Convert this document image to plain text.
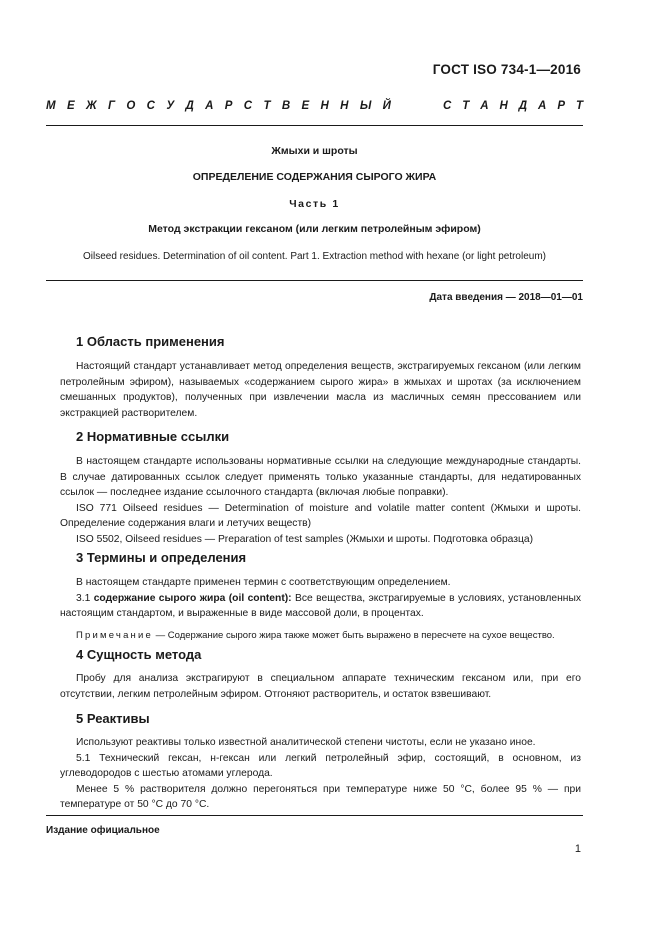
ГОСТ ISO 734-1—2016
М Е Ж Г О С У Д А Р С Т В Е Н Н Ы Й	С Т А Н Д А Р Т
Жмыхи и шроты
ОПРЕДЕЛЕНИЕ СОДЕРЖАНИЯ СЫРОГО ЖИРА
Часть 1
Метод экстракции гексаном (или легким петролейным эфиром)
Oilseed residues. Determination of oil content. Part 1. Extraction method with hexane (or light petroleum)
Дата введения — 2018—01—01
1 Область применения

Настоящий стандарт устанавливает метод определения веществ, экстрагируемых гексаном (или легким петролейным эфиром), называемых «содержанием сырого жира» в жмыхах и шротах (за исключением смешанных продуктов), полученных при извлечении масла из масличных семян прессованием или экстракцией растворителем.

2 Нормативные ссылки

В настоящем стандарте использованы нормативные ссылки на следующие международные стандарты. В случае датированных ссылок следует применять только указанные стандарты, для недатированных ссылок — последнее издание ссылочного стандарта (включая любые поправки).

ISO 771 Oilseed residues — Determination of moisture and volatile matter content (Жмыхи и шроты. Определение содержания влаги и летучих веществ)

ISO 5502, Oilseed residues — Preparation of test samples (Жмыхи и шроты. Подготовка образца)

3 Термины и определения

В настоящем стандарте применен термин с соответствующим определением.

3.1 содержание сырого жира (oil content): Все вещества, экстрагируемые в условиях, установленных настоящим стандартом, и выраженные в виде массовой доли, в процентах.

Примечание — Содержание сырого жира также может быть выражено в пересчете на сухое вещество.

4 Сущность метода

Пробу для анализа экстрагируют в специальном аппарате техническим гексаном или, при его отсутствии, легким петролейным эфиром. Отгоняют растворитель, и остаток взвешивают.

5 Реактивы

Используют реактивы только известной аналитической степени чистоты, если не указано иное.

5.1 Технический гексан, н-гексан или легкий петролейный эфир, состоящий, в основном, из углеводородов с шестью атомами углерода.

Менее 5 % растворителя должно перегоняться при температуре ниже 50 °С, более 95 % — при температуре от 50 °С до 70 °С.

Издание официальное
1
